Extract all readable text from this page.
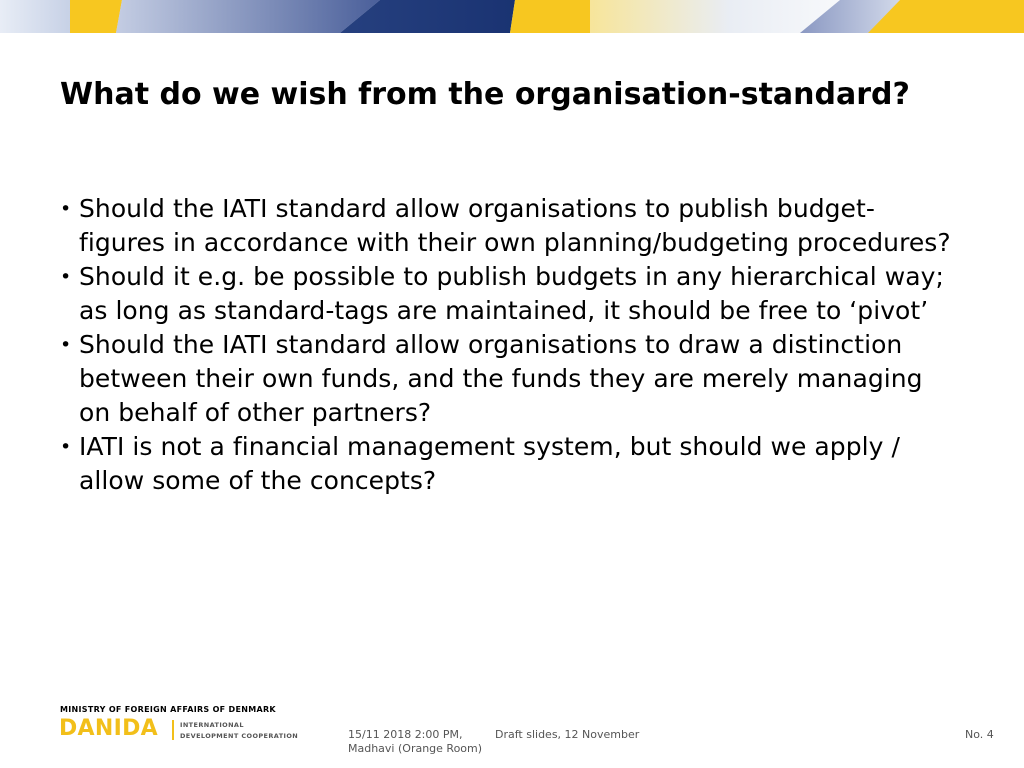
What do we wish from the organisation-standard?
• Should the IATI standard allow organisations to publish budget-figures in accordance with their own planning/budgeting procedures?
• Should it e.g. be possible to publish budgets in any hierarchical way; as long as standard-tags are maintained, it should be free to ‘pivot’
• Should the IATI standard allow organisations to draw a distinction between their own funds, and the funds they are merely managing on behalf of other partners?
• IATI is not a financial management system, but should we apply / allow some of the concepts?
MINISTRY OF FOREIGN AFFAIRS OF DENMARK
DANIDA	INTERNATIONAL
DEVELOPMENT COOPERATION	15/11 2018 2:00 PM,
Madhavi (Orange Room)
Draft slides, 12 November	No. 4
